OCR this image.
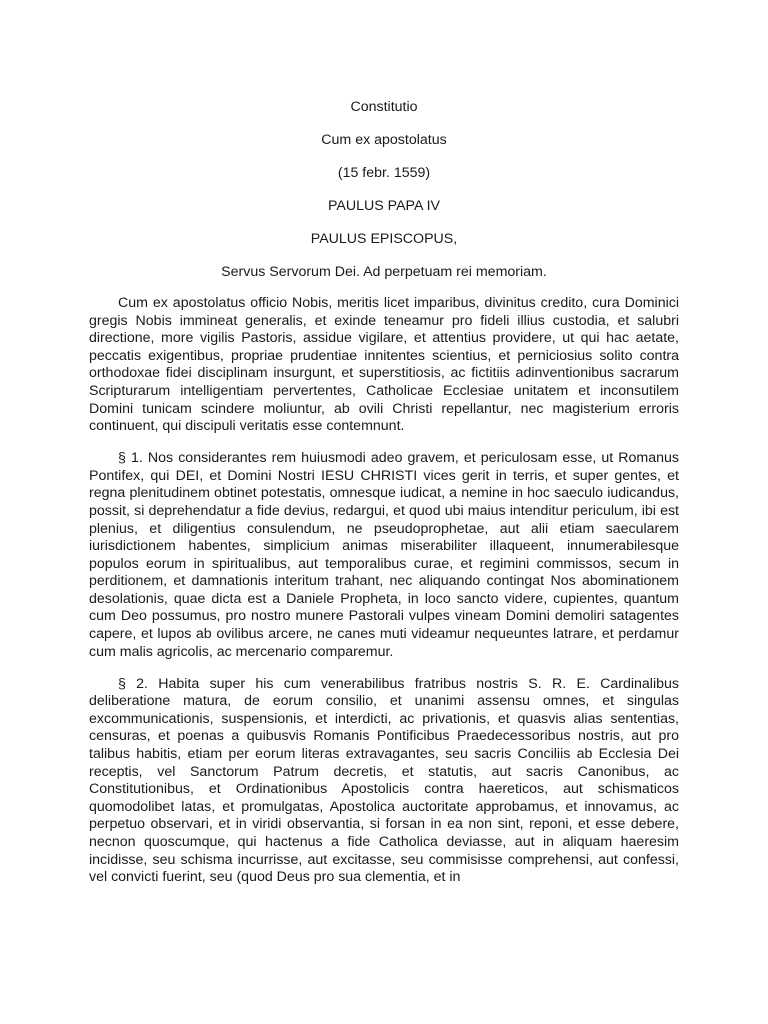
Constitutio
Cum ex apostolatus
(15 febr. 1559)
PAULUS PAPA IV
PAULUS EPISCOPUS,
Servus Servorum Dei. Ad perpetuam rei memoriam.

Cum ex apostolatus officio Nobis, meritis licet imparibus, divinitus credito, cura Dominici gregis Nobis immineat generalis, et exinde teneamur pro fideli illius custodia, et salubri directione, more vigilis Pastoris, assidue vigilare, et attentius providere, ut qui hac aetate, peccatis exigentibus, propriae prudentiae innitentes scientius, et perniciosius solito contra orthodoxae fidei disciplinam insurgunt, et superstitiosis, ac fictitiis adinventionibus sacrarum Scripturarum intelligentiam pervertentes, Catholicae Ecclesiae unitatem et inconsutilem Domini tunicam scindere moliuntur, ab ovili Christi repellantur, nec magisterium erroris continuent, qui discipuli veritatis esse contemnunt.

§ 1. Nos considerantes rem huiusmodi adeo gravem, et periculosam esse, ut Romanus Pontifex, qui DEI, et Domini Nostri IESU CHRISTI vices gerit in terris, et super gentes, et regna plenitudinem obtinet potestatis, omnesque iudicat, a nemine in hoc saeculo iudicandus, possit, si deprehendatur a fide devius, redargui, et quod ubi maius intenditur periculum, ibi est plenius, et diligentius consulendum, ne pseudoprophetae, aut alii etiam saecularem iurisdictionem habentes, simplicium animas miserabiliter illaqueent, innumerabilesque populos eorum in spiritualibus, aut temporalibus curae, et regimini commissos, secum in perditionem, et damnationis interitum trahant, nec aliquando contingat Nos abominationem desolationis, quae dicta est a Daniele Propheta, in loco sancto videre, cupientes, quantum cum Deo possumus, pro nostro munere Pastorali vulpes vineam Domini demoliri satagentes capere, et lupos ab ovilibus arcere, ne canes muti videamur nequeuntes latrare, et perdamur cum malis agricolis, ac mercenario comparemur.

§ 2. Habita super his cum venerabilibus fratribus nostris S. R. E. Cardinalibus deliberatione matura, de eorum consilio, et unanimi assensu omnes, et singulas excommunicationis, suspensionis, et interdicti, ac privationis, et quasvis alias sententias, censuras, et poenas a quibusvis Romanis Pontificibus Praedecessoribus nostris, aut pro talibus habitis, etiam per eorum literas extravagantes, seu sacris Conciliis ab Ecclesia Dei receptis, vel Sanctorum Patrum decretis, et statutis, aut sacris Canonibus, ac Constitutionibus, et Ordinationibus Apostolicis contra haereticos, aut schismaticos quomodolibet latas, et promulgatas, Apostolica auctoritate approbamus, et innovamus, ac perpetuo observari, et in viridi observantia, si forsan in ea non sint, reponi, et esse debere, necnon quoscumque, qui hactenus a fide Catholica deviasse, aut in aliquam haeresim incidisse, seu schisma incurrisse, aut excitasse, seu commisisse comprehensi, aut confessi, vel convicti fuerint, seu (quod Deus pro sua clementia, et in
